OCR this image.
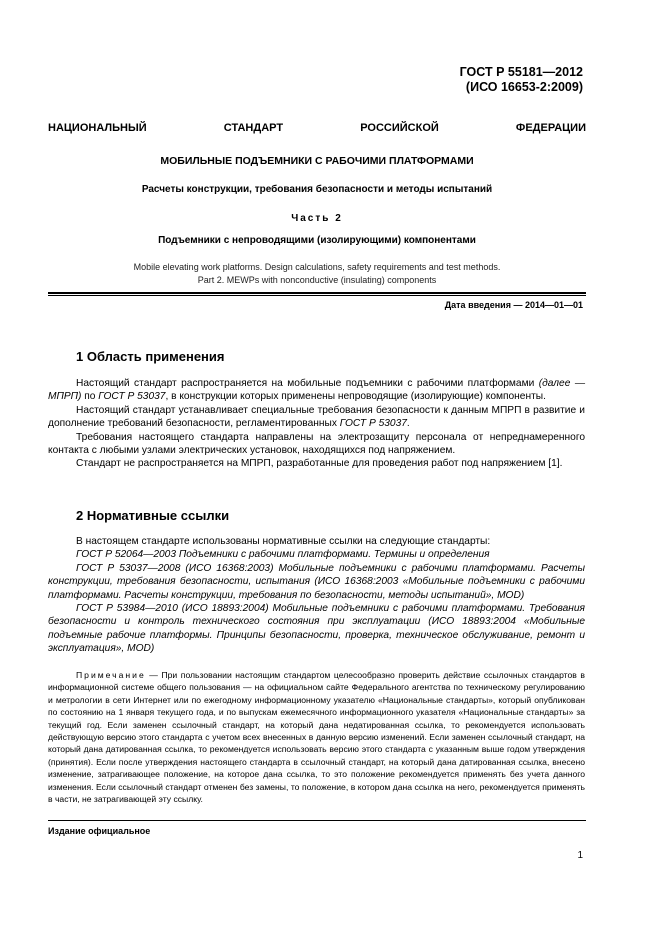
ГОСТ Р 55181—2012
(ИСО 16653-2:2009)
НАЦИОНАЛЬНЫЙ СТАНДАРТ РОССИЙСКОЙ ФЕДЕРАЦИИ
МОБИЛЬНЫЕ ПОДЪЕМНИКИ С РАБОЧИМИ ПЛАТФОРМАМИ
Расчеты конструкции, требования безопасности и методы испытаний
Часть 2
Подъемники с непроводящими (изолирующими) компонентами
Mobile elevating work platforms. Design calculations, safety requirements and test methods.
Part 2. MEWPs with nonconductive (insulating) components
Дата введения — 2014—01—01
1 Область применения

Настоящий стандарт распространяется на мобильные подъемники с рабочими платформами (далее — МПРП) по ГОСТ Р 53037, в конструкции которых применены непроводящие (изолирующие) компоненты.

Настоящий стандарт устанавливает специальные требования безопасности к данным МПРП в развитие и дополнение требований безопасности, регламентированных ГОСТ Р 53037.

Требования настоящего стандарта направлены на электрозащиту персонала от непреднамеренного контакта с любыми узлами электрических установок, находящихся под напряжением.

Стандарт не распространяется на МПРП, разработанные для проведения работ под напряжением [1].

2 Нормативные ссылки

В настоящем стандарте использованы нормативные ссылки на следующие стандарты:

ГОСТ Р 52064—2003 Подъемники с рабочими платформами. Термины и определения

ГОСТ Р 53037—2008 (ИСО 16368:2003) Мобильные подъемники с рабочими платформами. Расчеты конструкции, требования безопасности, испытания (ИСО 16368:2003 «Мобильные подъемники с рабочими платформами. Расчеты конструкции, требования по безопасности, методы испытаний», MOD)

ГОСТ Р 53984—2010 (ИСО 18893:2004) Мобильные подъемники с рабочими платформами. Требования безопасности и контроль технического состояния при эксплуатации (ИСО 18893:2004 «Мобильные подъемные рабочие платформы. Принципы безопасности, проверка, техническое обслуживание, ремонт и эксплуатация», MOD)

Примечание — При пользовании настоящим стандартом целесообразно проверить действие ссылочных стандартов в информационной системе общего пользования — на официальном сайте Федерального агентства по техническому регулированию и метрологии в сети Интернет или по ежегодному информационному указателю «Национальные стандарты», который опубликован по состоянию на 1 января текущего года, и по выпускам ежемесячного информационного указателя «Национальные стандарты» за текущий год. Если заменен ссылочный стандарт, на который дана недатированная ссылка, то рекомендуется использовать действующую версию этого стандарта с учетом всех внесенных в данную версию изменений. Если заменен ссылочный стандарт, на который дана датированная ссылка, то рекомендуется использовать версию этого стандарта с указанным выше годом утверждения (принятия). Если после утверждения настоящего стандарта в ссылочный стандарт, на который дана датированная ссылка, внесено изменение, затрагивающее положение, на которое дана ссылка, то это положение рекомендуется применять без учета данного изменения. Если ссылочный стандарт отменен без замены, то положение, в котором дана ссылка на него, рекомендуется применять в части, не затрагивающей эту ссылку.

Издание официальное
1
